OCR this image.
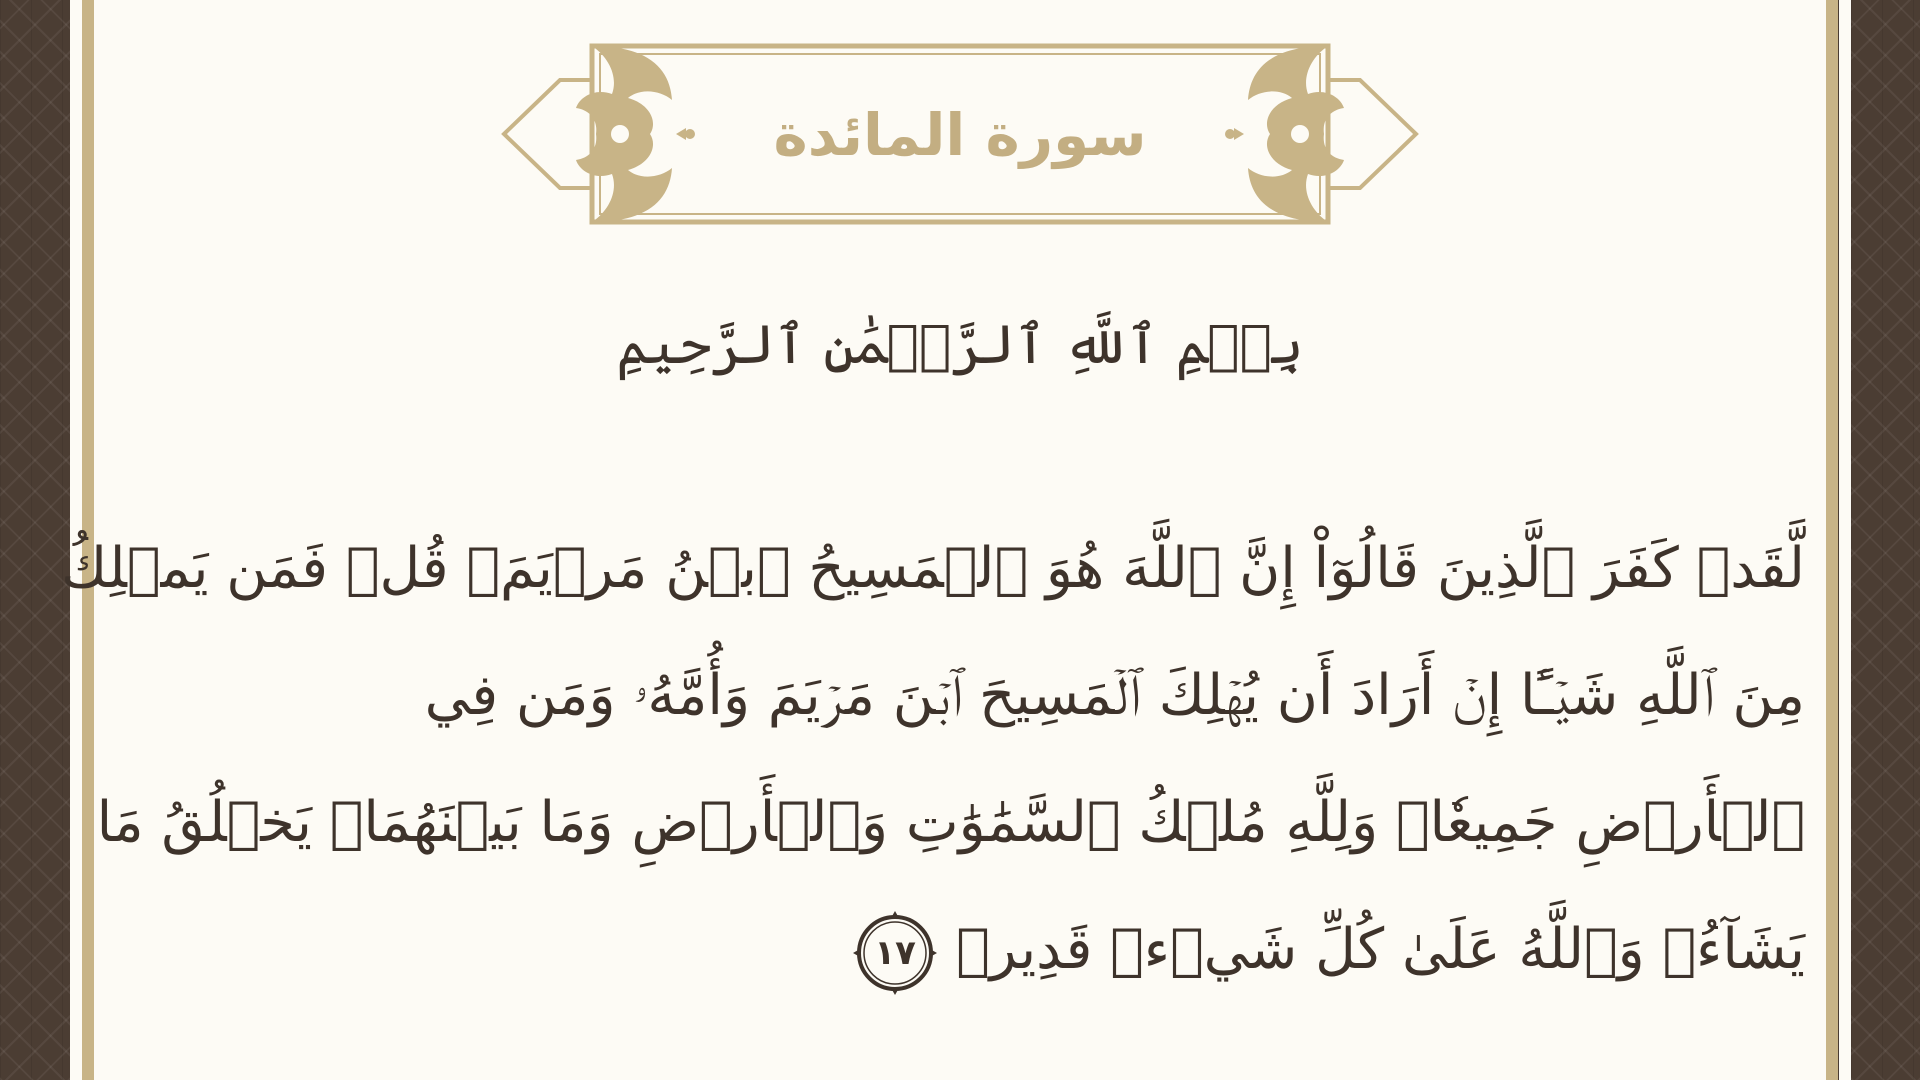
سورة المائدة
بِسۡمِ ٱللَّهِ ٱلرَّحۡمَٰنِ ٱلرَّحِيمِ
لَّقَدۡ كَفَرَ ٱلَّذِينَ قَالُوٓاْ إِنَّ ٱللَّهَ هُوَ ٱلۡمَسِيحُ ٱبۡنُ مَرۡيَمَۚ قُلۡ فَمَن يَمۡلِكُ
مِنَ ٱللَّهِ شَيۡـًٔا إِنۡ أَرَادَ أَن يُهۡلِكَ ٱلۡمَسِيحَ ٱبۡنَ مَرۡيَمَ وَأُمَّهُۥ وَمَن فِي
ٱلۡأَرۡضِ جَمِيعٗاۗ وَلِلَّهِ مُلۡكُ ٱلسَّمَٰوَٰتِ وَٱلۡأَرۡضِ وَمَا بَيۡنَهُمَاۚ يَخۡلُقُ مَا
يَشَآءُۚ وَٱللَّهُ عَلَىٰ كُلِّ شَيۡءٖ قَدِيرٞ
١٧
